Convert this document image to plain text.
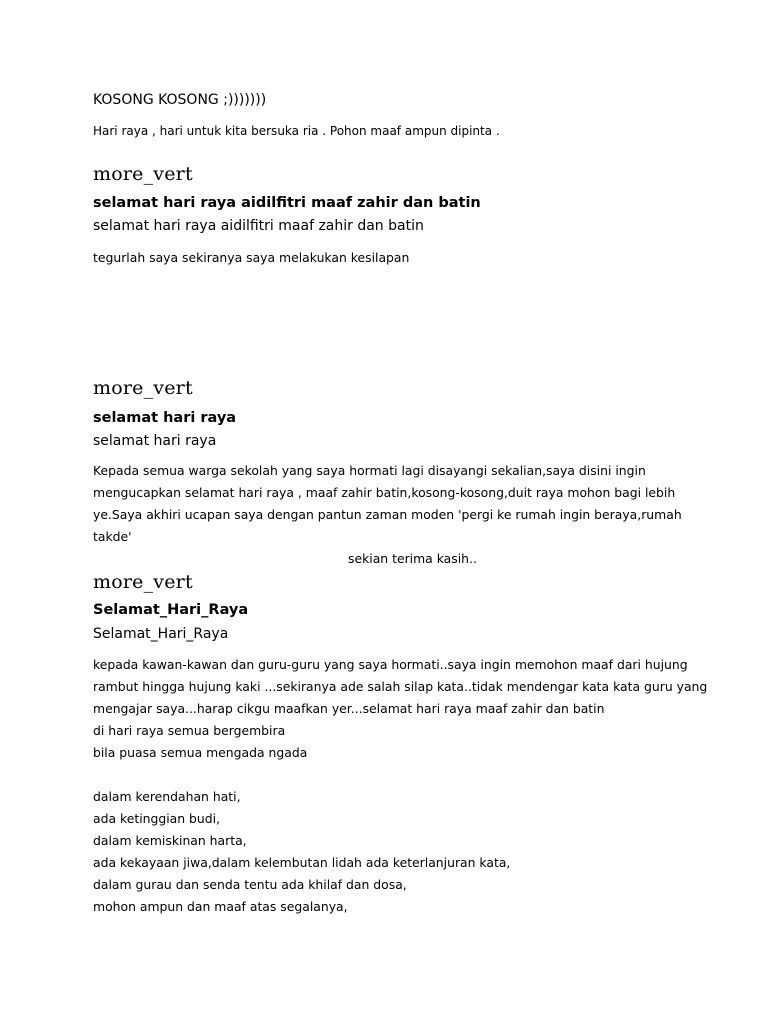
KOSONG KOSONG ;)))))))
Hari raya , hari untuk kita bersuka ria . Pohon maaf ampun dipinta .
more_vert
selamat hari raya aidilfitri maaf zahir dan batin
selamat hari raya aidilfitri maaf zahir dan batin
tegurlah saya sekiranya saya melakukan kesilapan
more_vert
selamat hari raya
selamat hari raya
Kepada semua warga sekolah yang saya hormati lagi disayangi sekalian,saya disini ingin
mengucapkan selamat hari raya , maaf zahir batin,kosong-kosong,duit raya mohon bagi lebih
ye.Saya akhiri ucapan saya dengan pantun zaman moden 'pergi ke rumah ingin beraya,rumah
takde'
sekian terima kasih..
more_vert
Selamat_Hari_Raya
Selamat_Hari_Raya
kepada kawan-kawan dan guru-guru yang saya hormati..saya ingin memohon maaf dari hujung
rambut hingga hujung kaki ...sekiranya ade salah silap kata..tidak mendengar kata kata guru yang
mengajar saya...harap cikgu maafkan yer...selamat hari raya maaf zahir dan batin
di hari raya semua bergembira
bila puasa semua mengada ngada

dalam kerendahan hati,
ada ketinggian budi,
dalam kemiskinan harta,
ada kekayaan jiwa,dalam kelembutan lidah ada keterlanjuran kata,
dalam gurau dan senda tentu ada khilaf dan dosa,
mohon ampun dan maaf atas segalanya,
